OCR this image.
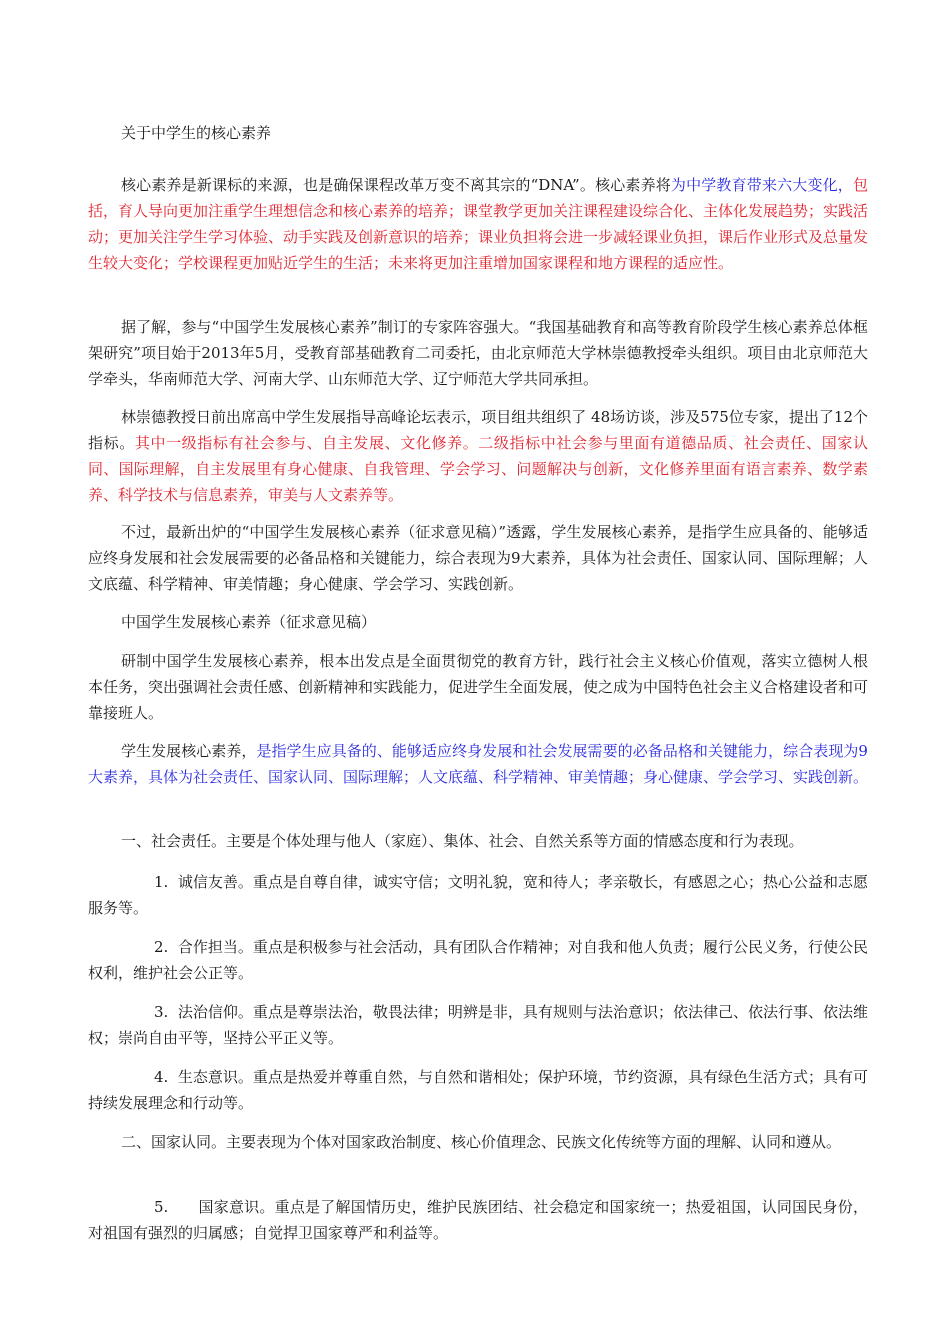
关于中学生的核心素养

核心素养是新课标的来源，也是确保课程改革万变不离其宗的“DNA”。核心素养将为中学教育带来六大变化，包括，育人导向更加注重学生理想信念和核心素养的培养；课堂教学更加关注课程建设综合化、主体化发展趋势；实践活动；更加关注学生学习体验、动手实践及创新意识的培养；课业负担将会进一步减轻课业负担，课后作业形式及总量发生较大变化；学校课程更加贴近学生的生活；未来将更加注重增加国家课程和地方课程的适应性。

据了解，参与“中国学生发展核心素养”制订的专家阵容强大。“我国基础教育和高等教育阶段学生核心素养总体框架研究”项目始于2013年5月，受教育部基础教育二司委托，由北京师范大学林崇德教授牵头组织。项目由北京师范大学牵头，华南师范大学、河南大学、山东师范大学、辽宁师范大学共同承担。

林崇德教授日前出席高中学生发展指导高峰论坛表示，项目组共组织了 48场访谈，涉及575位专家，提出了12个指标。其中一级指标有社会参与、自主发展、文化修养。二级指标中社会参与里面有道德品质、社会责任、国家认同、国际理解，自主发展里有身心健康、自我管理、学会学习、问题解决与创新，文化修养里面有语言素养、数学素养、科学技术与信息素养，审美与人文素养等。

不过，最新出炉的“中国学生发展核心素养（征求意见稿）”透露，学生发展核心素养，是指学生应具备的、能够适应终身发展和社会发展需要的必备品格和关键能力，综合表现为9大素养，具体为社会责任、国家认同、国际理解；人文底蕴、科学精神、审美情趣；身心健康、学会学习、实践创新。

中国学生发展核心素养（征求意见稿）

研制中国学生发展核心素养，根本出发点是全面贯彻党的教育方针，践行社会主义核心价值观，落实立德树人根本任务，突出强调社会责任感、创新精神和实践能力，促进学生全面发展，使之成为中国特色社会主义合格建设者和可靠接班人。

学生发展核心素养，是指学生应具备的、能够适应终身发展和社会发展需要的必备品格和关键能力，综合表现为9大素养，具体为社会责任、国家认同、国际理解；人文底蕴、科学精神、审美情趣；身心健康、学会学习、实践创新。

一、社会责任。主要是个体处理与他人（家庭）、集体、社会、自然关系等方面的情感态度和行为表现。

1. 诚信友善。重点是自尊自律，诚实守信；文明礼貌，宽和待人；孝亲敬长，有感恩之心；热心公益和志愿服务等。

2. 合作担当。重点是积极参与社会活动，具有团队合作精神；对自我和他人负责；履行公民义务，行使公民权利，维护社会公正等。

3. 法治信仰。重点是尊崇法治，敬畏法律；明辨是非，具有规则与法治意识；依法律己、依法行事、依法维权；崇尚自由平等，坚持公平正义等。

4. 生态意识。重点是热爱并尊重自然，与自然和谐相处；保护环境，节约资源，具有绿色生活方式；具有可持续发展理念和行动等。

二、国家认同。主要表现为个体对国家政治制度、核心价值理念、民族文化传统等方面的理解、认同和遵从。

5. 国家意识。重点是了解国情历史，维护民族团结、社会稳定和国家统一；热爱祖国，认同国民身份，对祖国有强烈的归属感；自觉捍卫国家尊严和利益等。
